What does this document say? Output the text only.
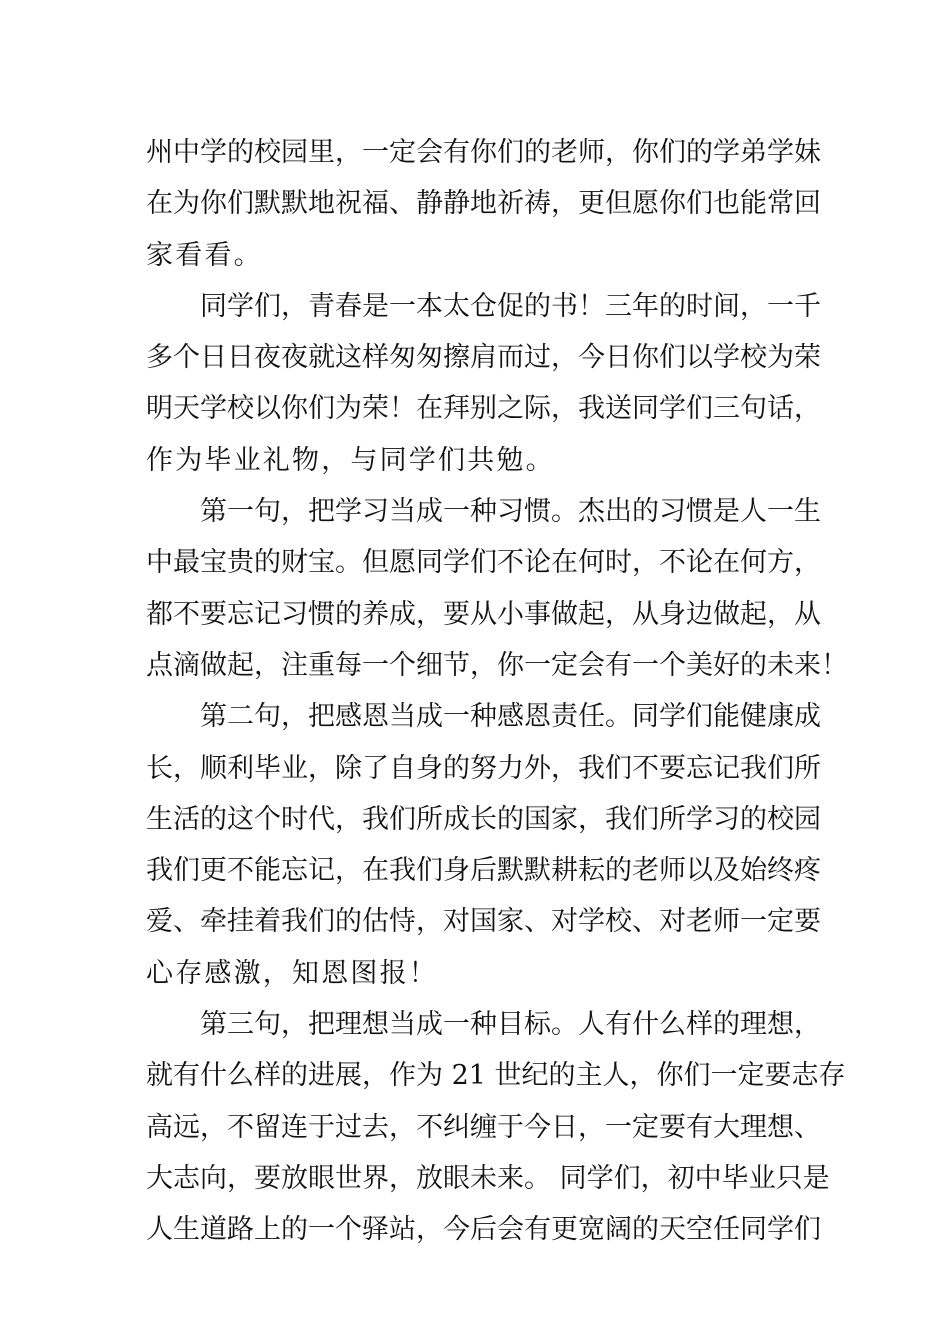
州中学的校园里，一定会有你们的老师，你们的学弟学妹
在为你们默默地祝福、静静地祈祷，更但愿你们也能常回
家看看。
同学们，青春是一本太仓促的书！三年的时间，一千
多个日日夜夜就这样匆匆擦肩而过，今日你们以学校为荣
明天学校以你们为荣！在拜别之际，我送同学们三句话，
作为毕业礼物，与同学们共勉。
第一句，把学习当成一种习惯。杰出的习惯是人一生
中最宝贵的财宝。但愿同学们不论在何时，不论在何方，
都不要忘记习惯的养成，要从小事做起，从身边做起，从
点滴做起，注重每一个细节，你一定会有一个美好的未来！
第二句，把感恩当成一种感恩责任。同学们能健康成
长，顺利毕业，除了自身的努力外，我们不要忘记我们所
生活的这个时代，我们所成长的国家，我们所学习的校园
我们更不能忘记，在我们身后默默耕耘的老师以及始终疼
爱、牵挂着我们的估恃，对国家、对学校、对老师一定要
心存感激，知恩图报！
第三句，把理想当成一种目标。人有什么样的理想，
就有什么样的进展，作为 21 世纪的主人，你们一定要志存
高远，不留连于过去，不纠缠于今日，一定要有大理想、
大志向，要放眼世界，放眼未来。 同学们，初中毕业只是
人生道路上的一个驿站，今后会有更宽阔的天空任同学们
